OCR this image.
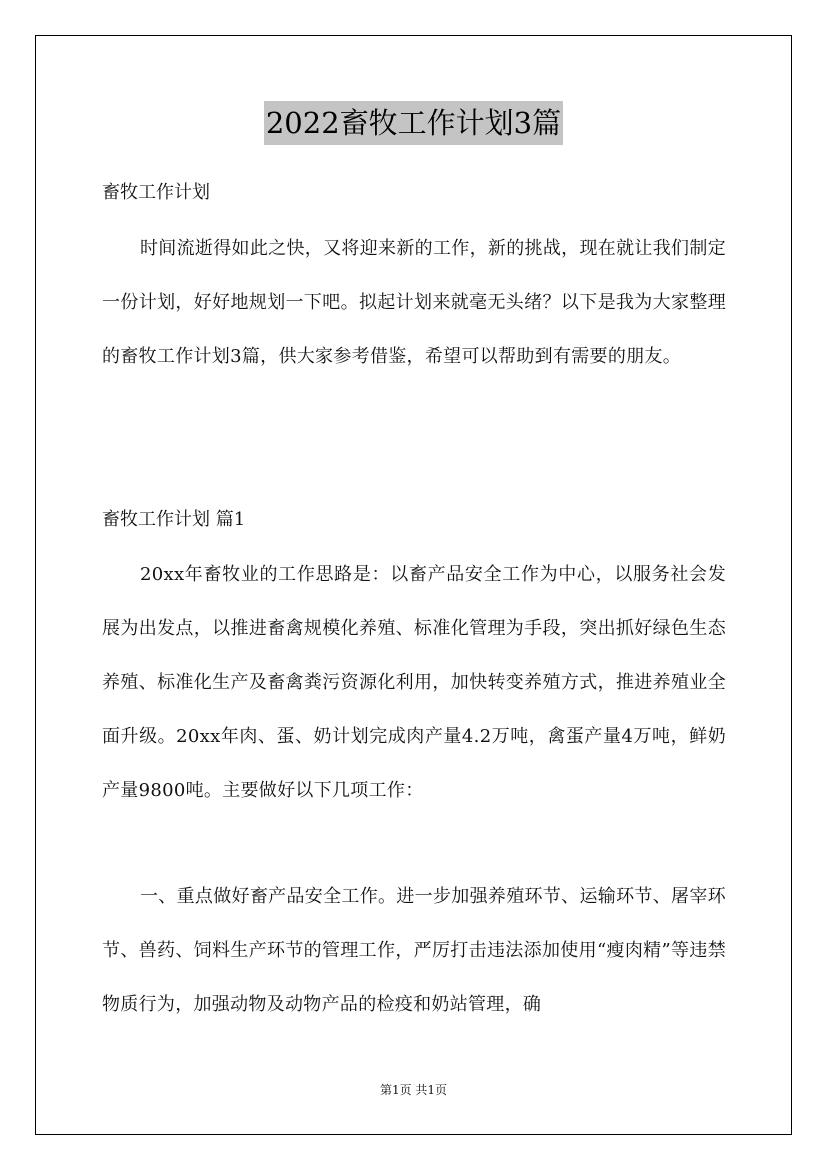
2022畜牧工作计划3篇
畜牧工作计划

时间流逝得如此之快，又将迎来新的工作，新的挑战，现在就让我们制定一份计划，好好地规划一下吧。拟起计划来就毫无头绪？以下是我为大家整理的畜牧工作计划3篇，供大家参考借鉴，希望可以帮助到有需要的朋友。

畜牧工作计划 篇1

20xx年畜牧业的工作思路是：以畜产品安全工作为中心，以服务社会发展为出发点，以推进畜禽规模化养殖、标准化管理为手段，突出抓好绿色生态养殖、标准化生产及畜禽粪污资源化利用，加快转变养殖方式，推进养殖业全面升级。20xx年肉、蛋、奶计划完成肉产量4.2万吨，禽蛋产量4万吨，鲜奶产量9800吨。主要做好以下几项工作：

一、重点做好畜产品安全工作。进一步加强养殖环节、运输环节、屠宰环节、兽药、饲料生产环节的管理工作，严厉打击违法添加使用“瘦肉精”等违禁物质行为，加强动物及动物产品的检疫和奶站管理，确

第1页 共1页
